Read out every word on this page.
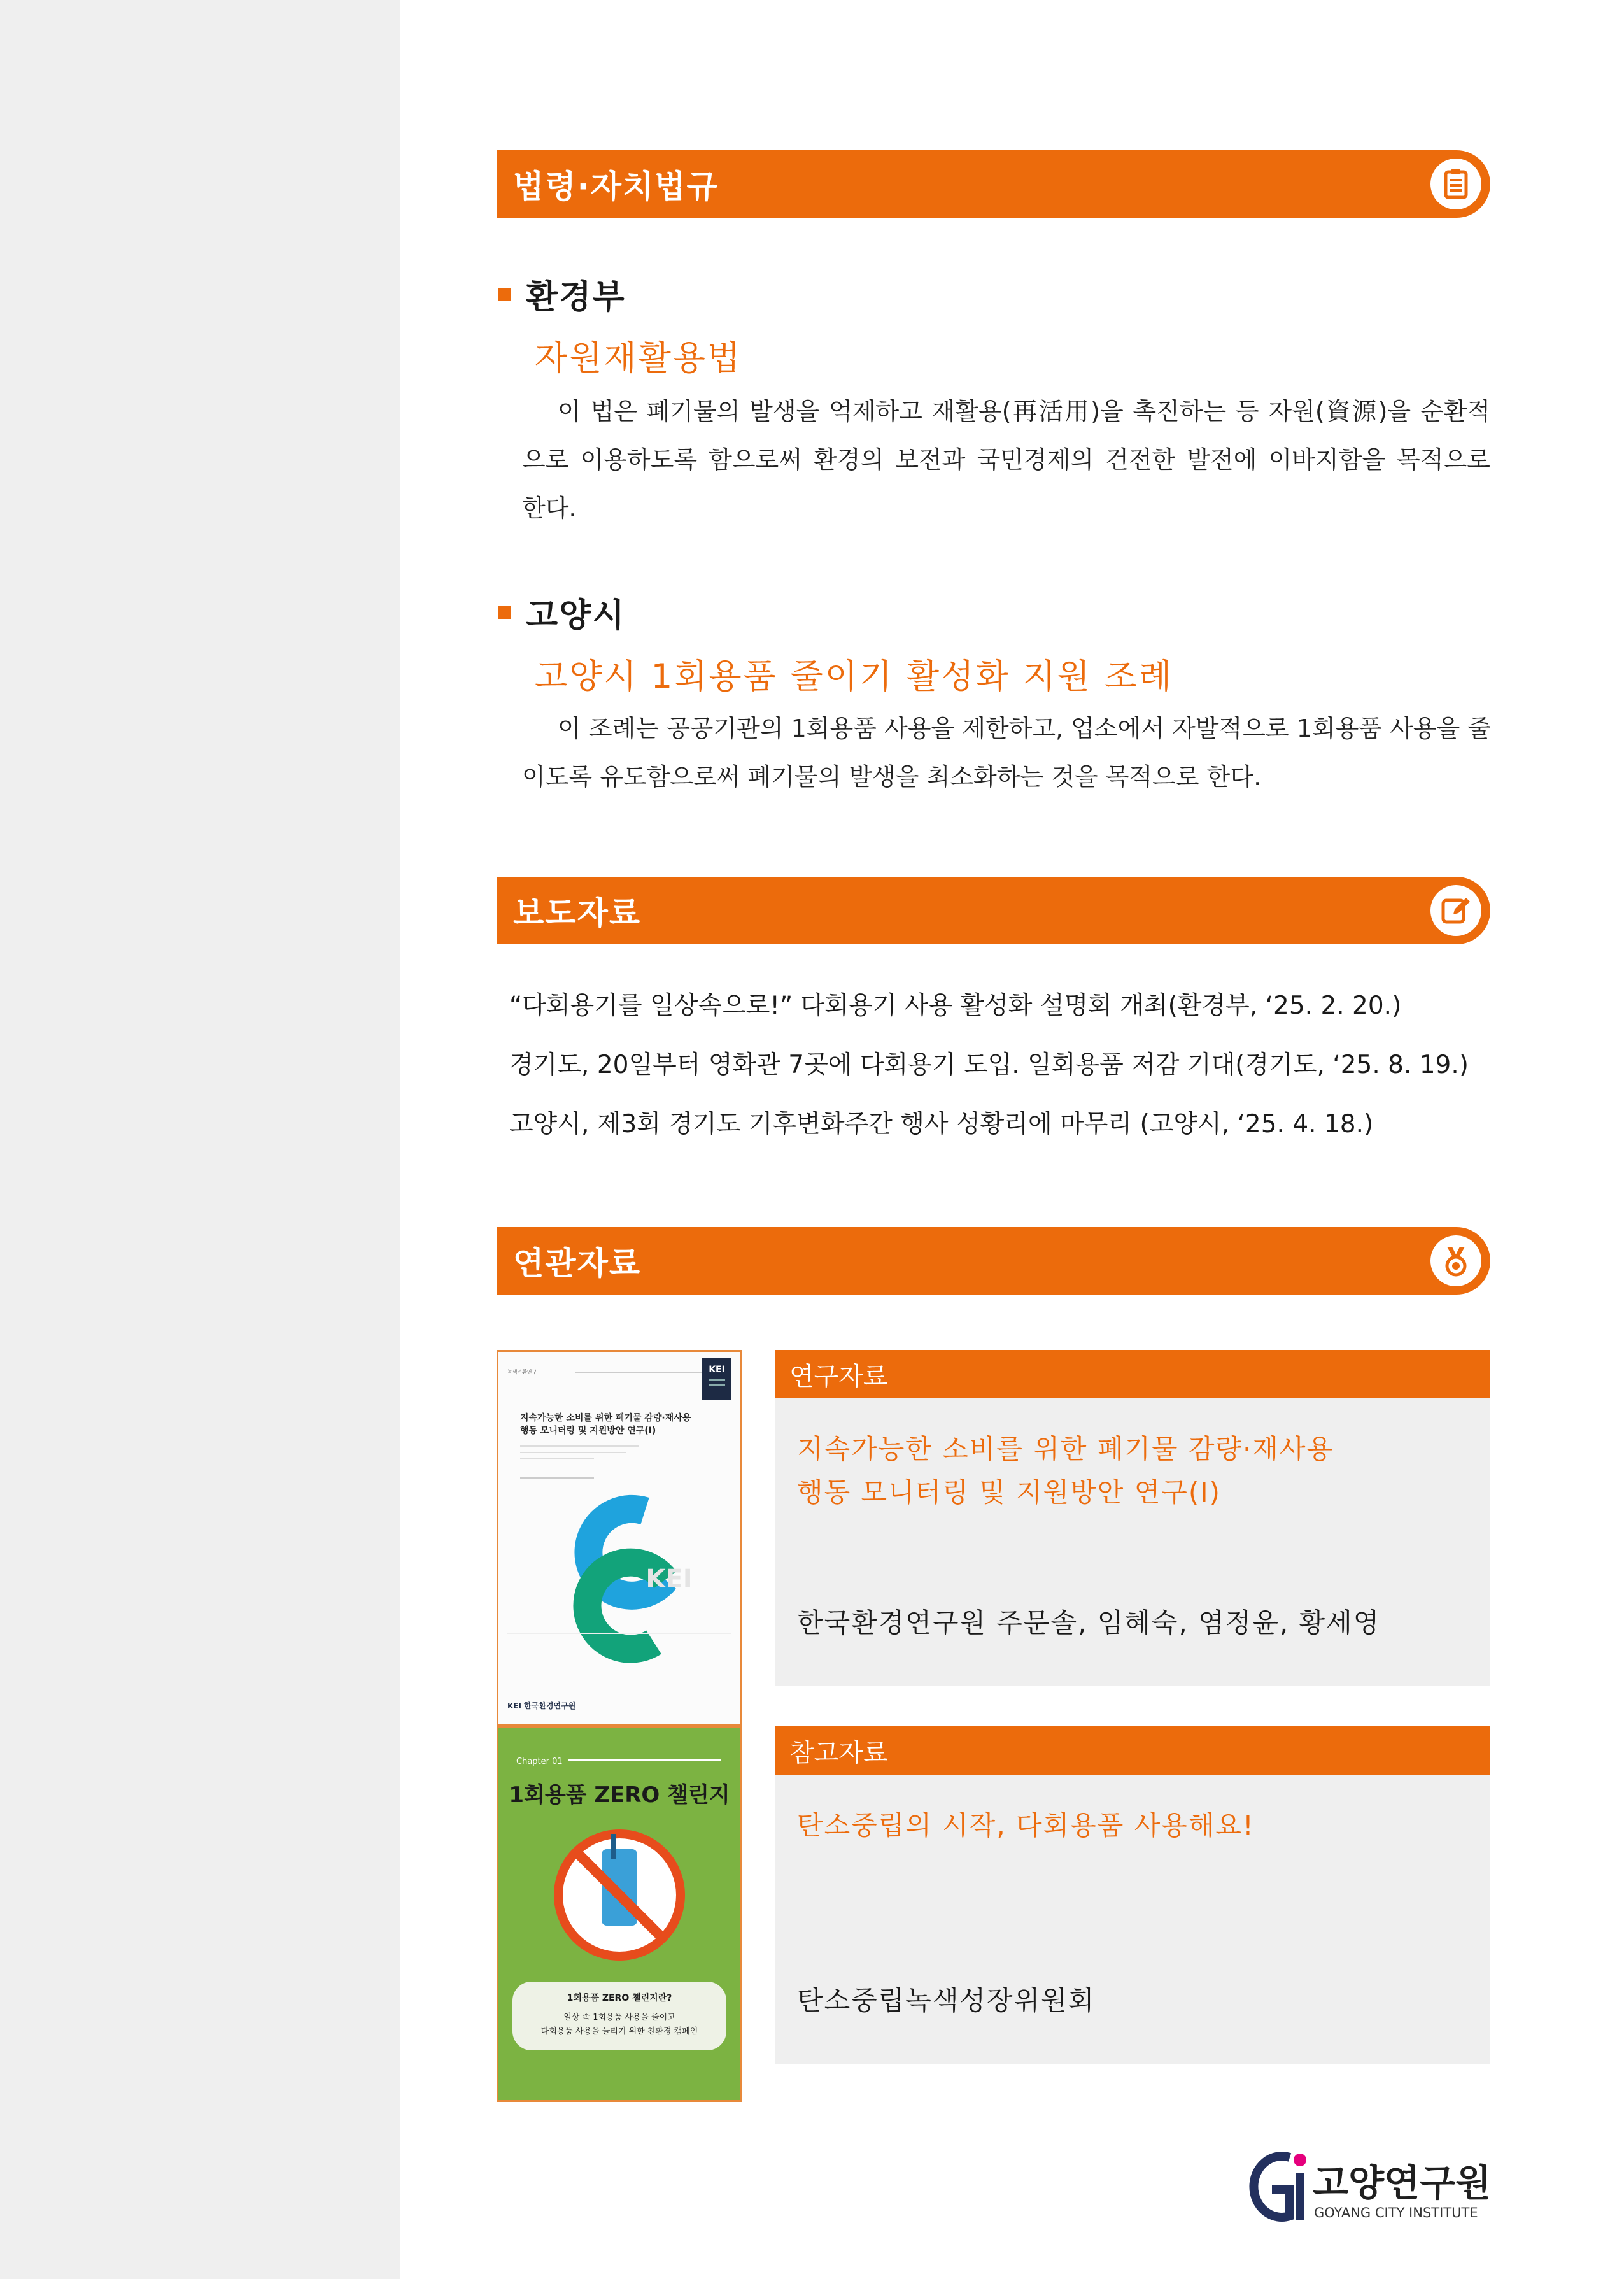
법령·자치법규
환경부
자원재활용법
이 법은 폐기물의 발생을 억제하고 재활용(再活用)을 촉진하는 등 자원(資源)을 순환적
으로 이용하도록 함으로써 환경의 보전과 국민경제의 건전한 발전에 이바지함을 목적으로
한다.
고양시
고양시 1회용품 줄이기 활성화 지원 조례
이 조례는 공공기관의 1회용품 사용을 제한하고, 업소에서 자발적으로 1회용품 사용을 줄
이도록 유도함으로써 폐기물의 발생을 최소화하는 것을 목적으로 한다.
보도자료
“다회용기를 일상속으로!” 다회용기 사용 활성화 설명회 개최(환경부, ‘25. 2. 20.)
경기도, 20일부터 영화관 7곳에 다회용기 도입. 일회용품 저감 기대(경기도, ‘25. 8. 19.)
고양시, 제3회 경기도 기후변화주간 행사 성황리에 마무리 (고양시, ‘25. 4. 18.)
연관자료
녹색전환연구	KEI
지속가능한 소비를 위한 폐기물 감량·재사용
행동 모니터링 및 지원방안 연구(Ⅰ)
KEI
KEI 한국환경연구원
연구자료
지속가능한 소비를 위한 폐기물 감량·재사용
행동 모니터링 및 지원방안 연구(Ⅰ)
한국환경연구원 주문솔, 임혜숙, 염정윤, 황세영
Chapter 01
1회용품 ZERO 챌린지
1회용품 ZERO 챌린지란?
일상 속 1회용품 사용을 줄이고
다회용품 사용을 늘리기 위한 친환경 캠페인
참고자료
탄소중립의 시작, 다회용품 사용해요!
탄소중립녹색성장위원회
고양연구원
GOYANG CITY INSTITUTE
